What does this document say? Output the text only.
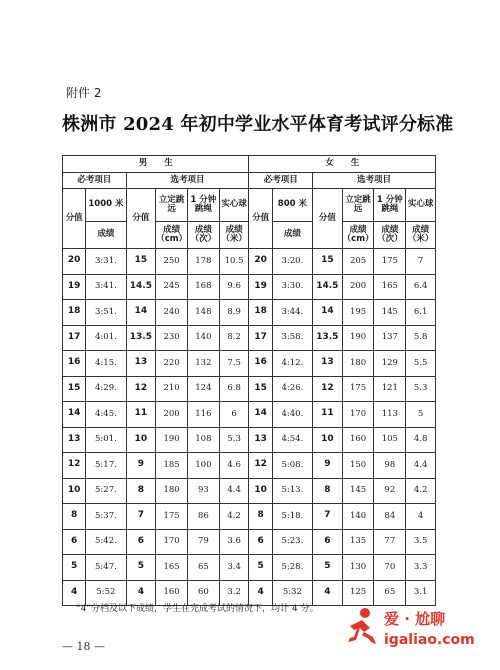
附件 2
株洲市 2024 年初中学业水平体育考试评分标准
男　　生						女　　生					
必考项目		选考项目				必考项目		选考项目			
分值	1000 米	分值	立定跳远	1 分钟跳绳	实心球	分值	800 米	分值	立定跳远	1 分钟跳绳	实心球
	成绩		成绩（cm）	成绩（次）	成绩（米）		成绩		成绩（cm）	成绩（次）	成绩（米）
20	3:31.	15	250	178	10.5	20	3:20.	15	205	175	7
19	3:41.	14.5	245	168	9.6	19	3:30.	14.5	200	165	6.4
18	3:51.	14	240	148	8.9	18	3:44.	14	195	145	6.1
17	4:01.	13.5	230	140	8.2	17	3:58.	13.5	190	137	5.8
16	4:15.	13	220	132	7.5	16	4:12.	13	180	129	5.5
15	4:29.	12	210	124	6.8	15	4:26.	12	175	121	5.3
14	4:45.	11	200	116	6	14	4:40.	11	170	113	5
13	5:01.	10	190	108	5.3	13	4:54.	10	160	105	4.8
12	5:17.	9	185	100	4.6	12	5:08.	9	150	98	4.4
10	5:27.	8	180	93	4.4	10	5:13.	8	145	92	4.2
8	5:37.	7	175	86	4.2	8	5:18.	7	140	84	4
6	5:42.	6	170	79	3.6	6	5:23.	6	135	77	3.5
5	5:47.	5	165	65	3.4	5	5:28.	5	130	70	3.3
4	5:52	4	160	60	3.2	4	5:32	4	125	65	3.1
“4”分档及以下成绩，学生在完成考试的情况下，均计 4 分。
— 18 —
爱 · 尬聊
igaliao.com
